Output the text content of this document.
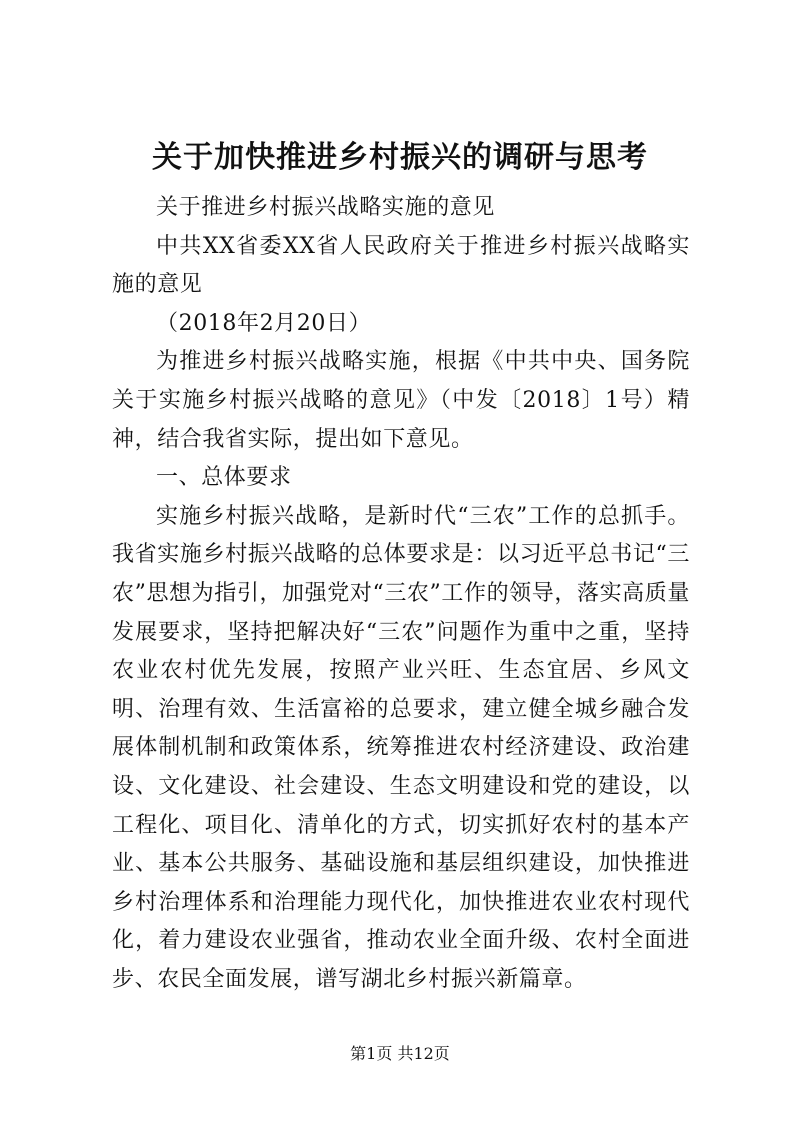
关于加快推进乡村振兴的调研与思考

关于推进乡村振兴战略实施的意见

中共XX省委XX省人民政府关于推进乡村振兴战略实施的意见

（2018年2月20日）

为推进乡村振兴战略实施，根据《中共中央、国务院关于实施乡村振兴战略的意见》（中发〔2018〕1号）精神，结合我省实际，提出如下意见。

一、总体要求

实施乡村振兴战略，是新时代“三农”工作的总抓手。我省实施乡村振兴战略的总体要求是：以习近平总书记“三农”思想为指引，加强党对“三农”工作的领导，落实高质量发展要求，坚持把解决好“三农”问题作为重中之重，坚持农业农村优先发展，按照产业兴旺、生态宜居、乡风文明、治理有效、生活富裕的总要求，建立健全城乡融合发展体制机制和政策体系，统筹推进农村经济建设、政治建设、文化建设、社会建设、生态文明建设和党的建设，以工程化、项目化、清单化的方式，切实抓好农村的基本产业、基本公共服务、基础设施和基层组织建设，加快推进乡村治理体系和治理能力现代化，加快推进农业农村现代化，着力建设农业强省，推动农业全面升级、农村全面进步、农民全面发展，谱写湖北乡村振兴新篇章。

第1页 共12页
